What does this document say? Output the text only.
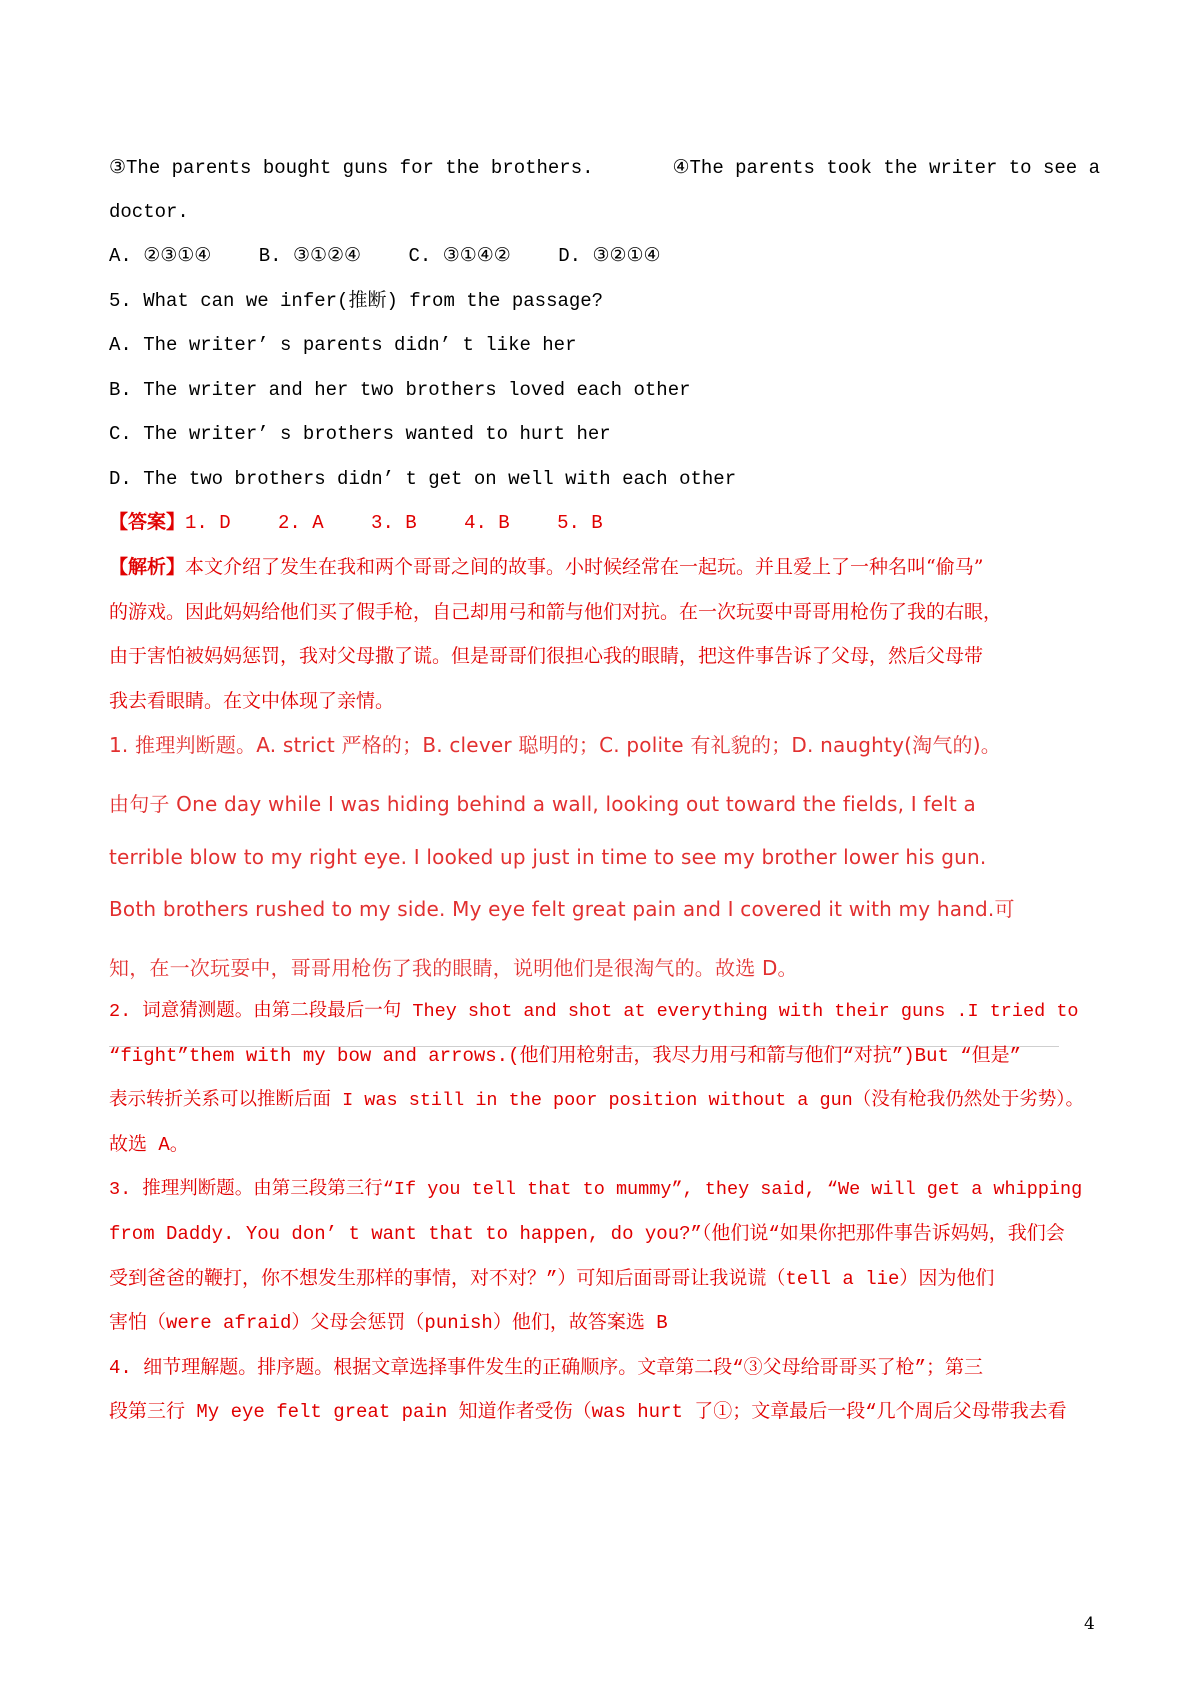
③The parents bought guns for the brothers.	④The parents took the writer to see a
doctor.
A. ②③①④ B. ③①②④ C. ③①④② D. ③②①④
5. What can we infer(推断) from the passage?
A. The writer’ s parents didn’ t like her
B. The writer and her two brothers loved each other
C. The writer’ s brothers wanted to hurt her
D. The two brothers didn’ t get on well with each other
【答案】1. D 2. A 3. B 4. B 5. B
【解析】本文介绍了发生在我和两个哥哥之间的故事。小时候经常在一起玩。并且爱上了一种名叫“偷马”
的游戏。因此妈妈给他们买了假手枪，自己却用弓和箭与他们对抗。在一次玩耍中哥哥用枪伤了我的右眼，
由于害怕被妈妈惩罚，我对父母撒了谎。但是哥哥们很担心我的眼睛，把这件事告诉了父母，然后父母带
我去看眼睛。在文中体现了亲情。
1. 推理判断题。A. strict 严格的；B. clever 聪明的；C. polite 有礼貌的；D. naughty(淘气的)。
由句子 One day while I was hiding behind a wall, looking out toward the fields, I felt a
terrible blow to my right eye. I looked up just in time to see my brother lower his gun.
Both brothers rushed to my side. My eye felt great pain and I covered it with my hand.可
知，在一次玩耍中，哥哥用枪伤了我的眼睛，说明他们是很淘气的。故选 D。
2. 词意猜测题。由第二段最后一句 They shot and shot at everything with their guns .I tried to
“fight”them with my bow and arrows.(他们用枪射击，我尽力用弓和箭与他们“对抗”)But “但是”
表示转折关系可以推断后面 I was still in the poor position without a gun（没有枪我仍然处于劣势）。
故选 A。
3. 推理判断题。由第三段第三行“If you tell that to mummy”, they said, “We will get a whipping
from Daddy. You don’ t want that to happen, do you?”（他们说“如果你把那件事告诉妈妈，我们会
受到爸爸的鞭打，你不想发生那样的事情，对不对？”）可知后面哥哥让我说谎（tell a lie）因为他们
害怕（were afraid）父母会惩罚（punish）他们，故答案选 B
4. 细节理解题。排序题。根据文章选择事件发生的正确顺序。文章第二段“③父母给哥哥买了枪”；第三
段第三行 My eye felt great pain 知道作者受伤（was hurt 了①；文章最后一段“几个周后父母带我去看
4
